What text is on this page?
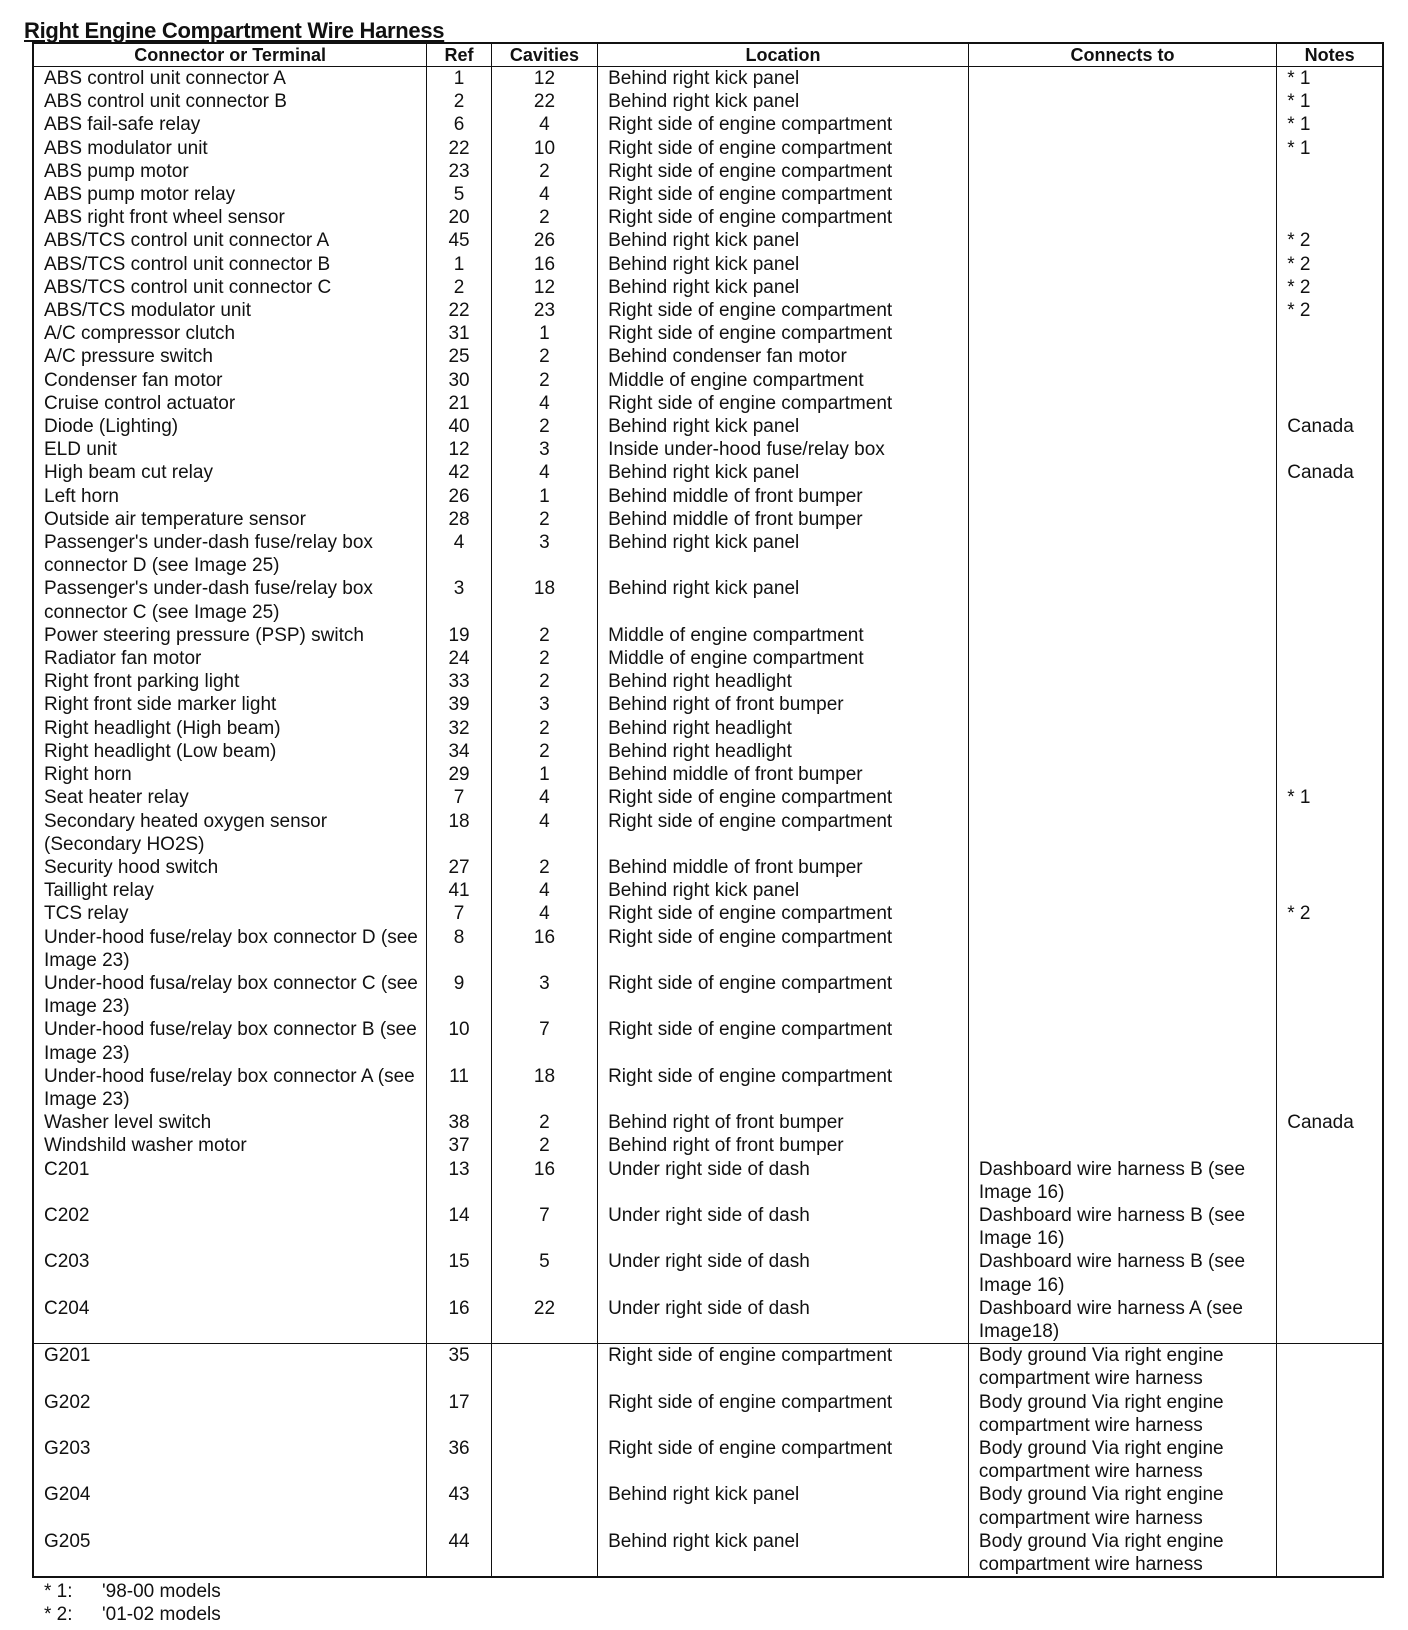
Right Engine Compartment Wire Harness
Connector or Terminal	Ref	Cavities	Location	Connects to	Notes
ABS control unit connector A	1	12	Behind right kick panel		* 1
ABS control unit connector B	2	22	Behind right kick panel		* 1
ABS fail-safe relay	6	4	Right side of engine compartment		* 1
ABS modulator unit	22	10	Right side of engine compartment		* 1
ABS pump motor	23	2	Right side of engine compartment		
ABS pump motor relay	5	4	Right side of engine compartment		
ABS right front wheel sensor	20	2	Right side of engine compartment		
ABS/TCS control unit connector A	45	26	Behind right kick panel		* 2
ABS/TCS control unit connector B	1	16	Behind right kick panel		* 2
ABS/TCS control unit connector C	2	12	Behind right kick panel		* 2
ABS/TCS modulator unit	22	23	Right side of engine compartment		* 2
A/C compressor clutch	31	1	Right side of engine compartment		
A/C pressure switch	25	2	Behind condenser fan motor		
Condenser fan motor	30	2	Middle of engine compartment		
Cruise control actuator	21	4	Right side of engine compartment		
Diode (Lighting)	40	2	Behind right kick panel		Canada
ELD unit	12	3	Inside under-hood fuse/relay box		
High beam cut relay	42	4	Behind right kick panel		Canada
Left horn	26	1	Behind middle of front bumper		
Outside air temperature sensor	28	2	Behind middle of front bumper		
Passenger's under-dash fuse/relay box connector D (see Image 25)	4	3	Behind right kick panel		
Passenger's under-dash fuse/relay box connector C (see Image 25)	3	18	Behind right kick panel		
Power steering pressure (PSP) switch	19	2	Middle of engine compartment		
Radiator fan motor	24	2	Middle of engine compartment		
Right front parking light	33	2	Behind right headlight		
Right front side marker light	39	3	Behind right of front bumper		
Right headlight (High beam)	32	2	Behind right headlight		
Right headlight (Low beam)	34	2	Behind right headlight		
Right horn	29	1	Behind middle of front bumper		
Seat heater relay	7	4	Right side of engine compartment		* 1
Secondary heated oxygen sensor (Secondary HO2S)	18	4	Right side of engine compartment		
Security hood switch	27	2	Behind middle of front bumper		
Taillight relay	41	4	Behind right kick panel		
TCS relay	7	4	Right side of engine compartment		* 2
Under-hood fuse/relay box connector D (see Image 23)	8	16	Right side of engine compartment		
Under-hood fusa/relay box connector C (see Image 23)	9	3	Right side of engine compartment		
Under-hood fuse/relay box connector B (see Image 23)	10	7	Right side of engine compartment		
Under-hood fuse/relay box connector A (see Image 23)	11	18	Right side of engine compartment		
Washer level switch	38	2	Behind right of front bumper		Canada
Windshild washer motor	37	2	Behind right of front bumper		
C201	13	16	Under right side of dash	Dashboard wire harness B (see Image 16)	
C202	14	7	Under right side of dash	Dashboard wire harness B (see Image 16)	
C203	15	5	Under right side of dash	Dashboard wire harness B (see Image 16)	
C204	16	22	Under right side of dash	Dashboard wire harness A (see Image18)	
G201	35		Right side of engine compartment	Body ground Via right engine compartment wire harness	
G202	17		Right side of engine compartment	Body ground Via right engine compartment wire harness	
G203	36		Right side of engine compartment	Body ground Via right engine compartment wire harness	
G204	43		Behind right kick panel	Body ground Via right engine compartment wire harness	
G205	44		Behind right kick panel	Body ground Via right engine compartment wire harness	
* 1: '98-00 models
* 2: '01-02 models
